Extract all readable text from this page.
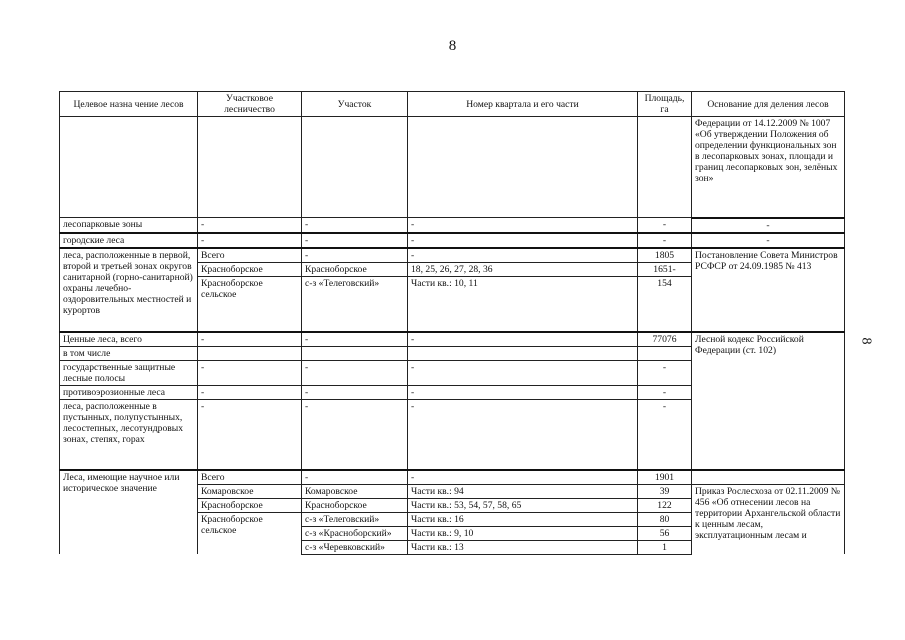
8
8
Целевое назна чение лесов	Участковое лесничество	Участок	Номер квартала и его части	Площадь, га	Основание для деления лесов
					Федерации от 14.12.2009 № 1007 «Об утверждении Положения об определении функциональных зон в лесопарковых зонах, площади и границ лесопарковых зон, зелёных зон»
лесопарковые зоны	-	-	-	-	-
городские леса	-	-	-	-	-
леса, расположенные в первой, второй и третьей зонах округов санитарной (горно-санитарной) охраны лечебно-оздоровительных местностей и курортов	Всего	-	-	1805	Постановление Совета Министров РСФСР от 24.09.1985 № 413
	Красноборское	Красноборское	18, 25, 26, 27, 28, 36	1651-	
	Красноборское сельское	с-з «Телеговский»	Части кв.: 10, 11	154	
Ценные леса, всего	-	-	-	77076	Лесной кодекс Российской Федерации (ст. 102)
в том числе					
государственные защитные лесные полосы	-	-	-	-	
противоэрозионные леса	-	-	-	-	
леса, расположенные в пустынных, полупустынных, лесостепных, лесотундровых зонах, степях, горах	-	-	-	-	
Леса, имеющие научное или историческое значение	Всего	-	-	1901	
	Комаровское	Комаровское	Части кв.: 94	39	Приказ Рослесхоза от 02.11.2009 № 456 «Об отнесении лесов на территории Архангельской области к ценным лесам, эксплуатационным лесам и
	Красноборское	Красноборское	Части кв.: 53, 54, 57, 58, 65	122	
	Красноборское сельское	с-з «Телеговский»	Части кв.: 16	80	
		с-з «Красноборский»	Части кв.: 9, 10	56	
		с-з «Черевковский»	Части кв.: 13	1	
